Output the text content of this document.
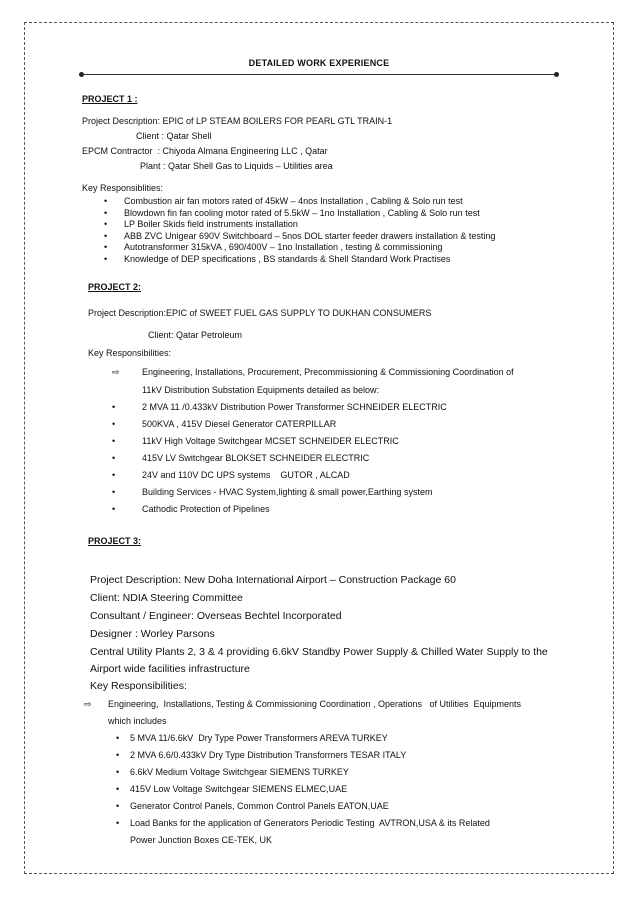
DETAILED WORK EXPERIENCE
PROJECT 1 :
Project Description: EPIC of LP STEAM BOILERS FOR PEARL GTL TRAIN-1
Client : Qatar Shell
EPCM Contractor  : Chiyoda Almana Engineering LLC , Qatar
Plant : Qatar Shell Gas to Liquids – Utilities area
Key Responsiblities:
• Combustion air fan motors rated of 45kW – 4nos Installation , Cabling & Solo run test
• Blowdown fin fan cooling motor rated of 5.5kW – 1no Installation , Cabling & Solo run test
• LP Boiler Skids field instruments installation
• ABB ZVC Unigear 690V Switchboard – 5nos DOL starter feeder drawers installation & testing
• Autotransformer 315kVA , 690/400V – 1no Installation , testing & commissioning
• Knowledge of DEP specifications , BS standards & Shell Standard Work Practises
PROJECT 2:
Project Description:EPIC of SWEET FUEL GAS SUPPLY TO DUKHAN CONSUMERS
Client: Qatar Petroleum
Key Responsibilities:
⇨ Engineering, Installations, Procurement, Precommissioning & Commissioning Coordination of
11kV Distribution Substation Equipments detailed as below:
•	2 MVA 11 /0.433kV Distribution Power Transformer SCHNEIDER ELECTRIC
•	500KVA , 415V Diesel Generator CATERPILLAR
•	11kV High Voltage Switchgear MCSET SCHNEIDER ELECTRIC
•	415V LV Switchgear BLOKSET SCHNEIDER ELECTRIC
•	24V and 110V DC UPS systems    GUTOR , ALCAD
•	Building Services - HVAC System,lighting & small power,Earthing system
•	Cathodic Protection of Pipelines
PROJECT 3:
Project Description: New Doha International Airport – Construction Package 60
Client: NDIA Steering Committee
Consultant / Engineer: Overseas Bechtel Incorporated
Designer : Worley Parsons
Central Utility Plants 2, 3 & 4 providing 6.6kV Standby Power Supply & Chilled Water Supply to the
Airport wide facilities infrastructure
Key Responsibilities:
⇨ Engineering,  Installations, Testing & Commissioning Coordination , Operations   of Utilities  Equipments
which includes
• 5 MVA 11/6.6kV  Dry Type Power Transformers AREVA TURKEY
• 2 MVA 6.6/0.433kV Dry Type Distribution Transformers TESAR ITALY
• 6.6kV Medium Voltage Switchgear SIEMENS TURKEY
• 415V Low Voltage Switchgear SIEMENS ELMEC,UAE
• Generator Control Panels, Common Control Panels EATON,UAE
• Load Banks for the application of Generators Periodic Testing  AVTRON,USA & its Related
Power Junction Boxes CE-TEK, UK
